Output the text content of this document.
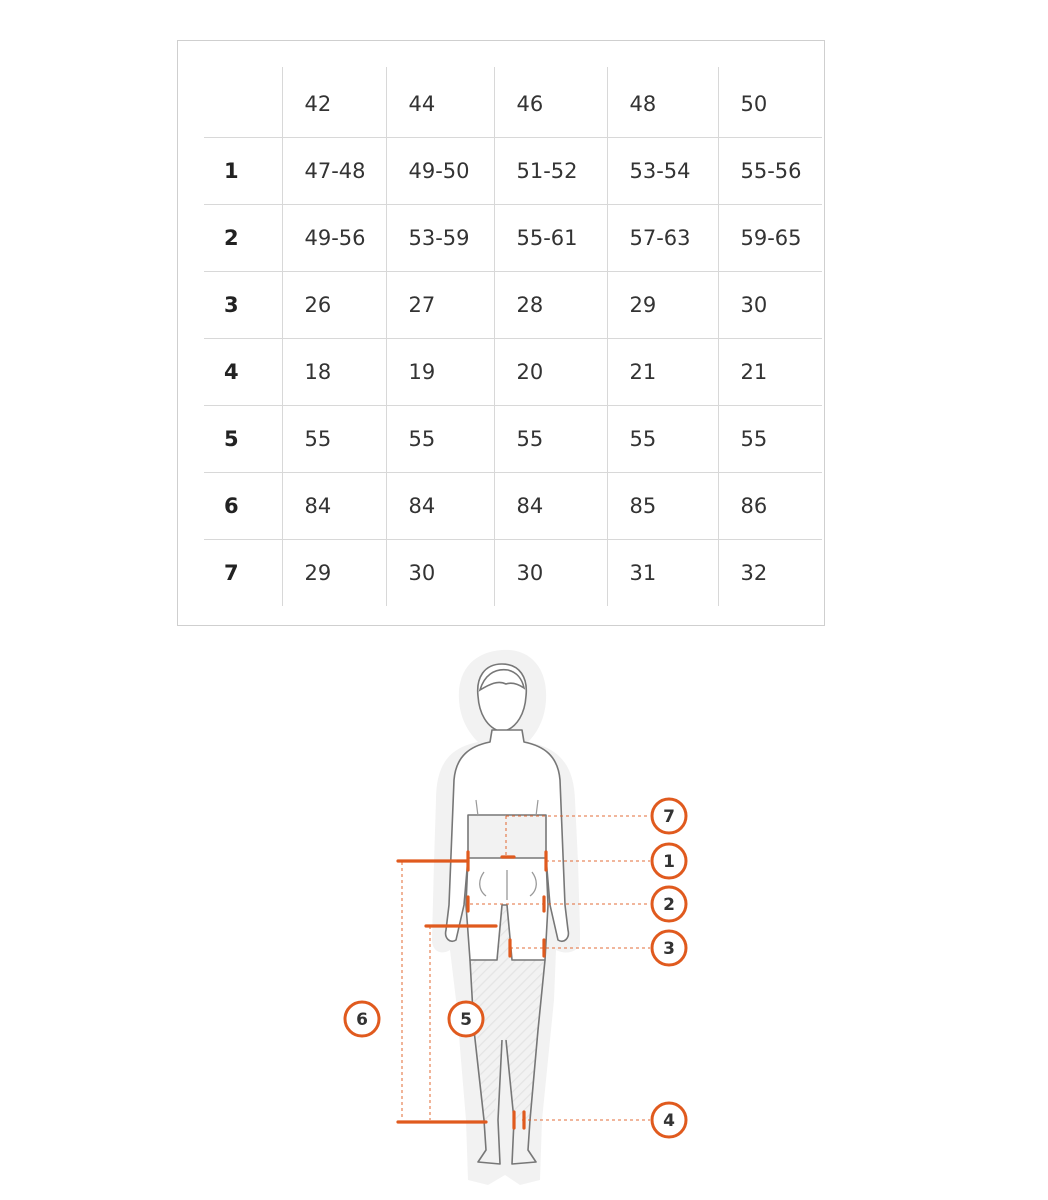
	42	44	46	48	50
1	47-48	49-50	51-52	53-54	55-56
2	49-56	53-59	55-61	57-63	59-65
3	26	27	28	29	30
4	18	19	20	21	21
5	55	55	55	55	55
6	84	84	84	85	86
7	29	30	30	31	32
7
1
2
3
4
5
6
